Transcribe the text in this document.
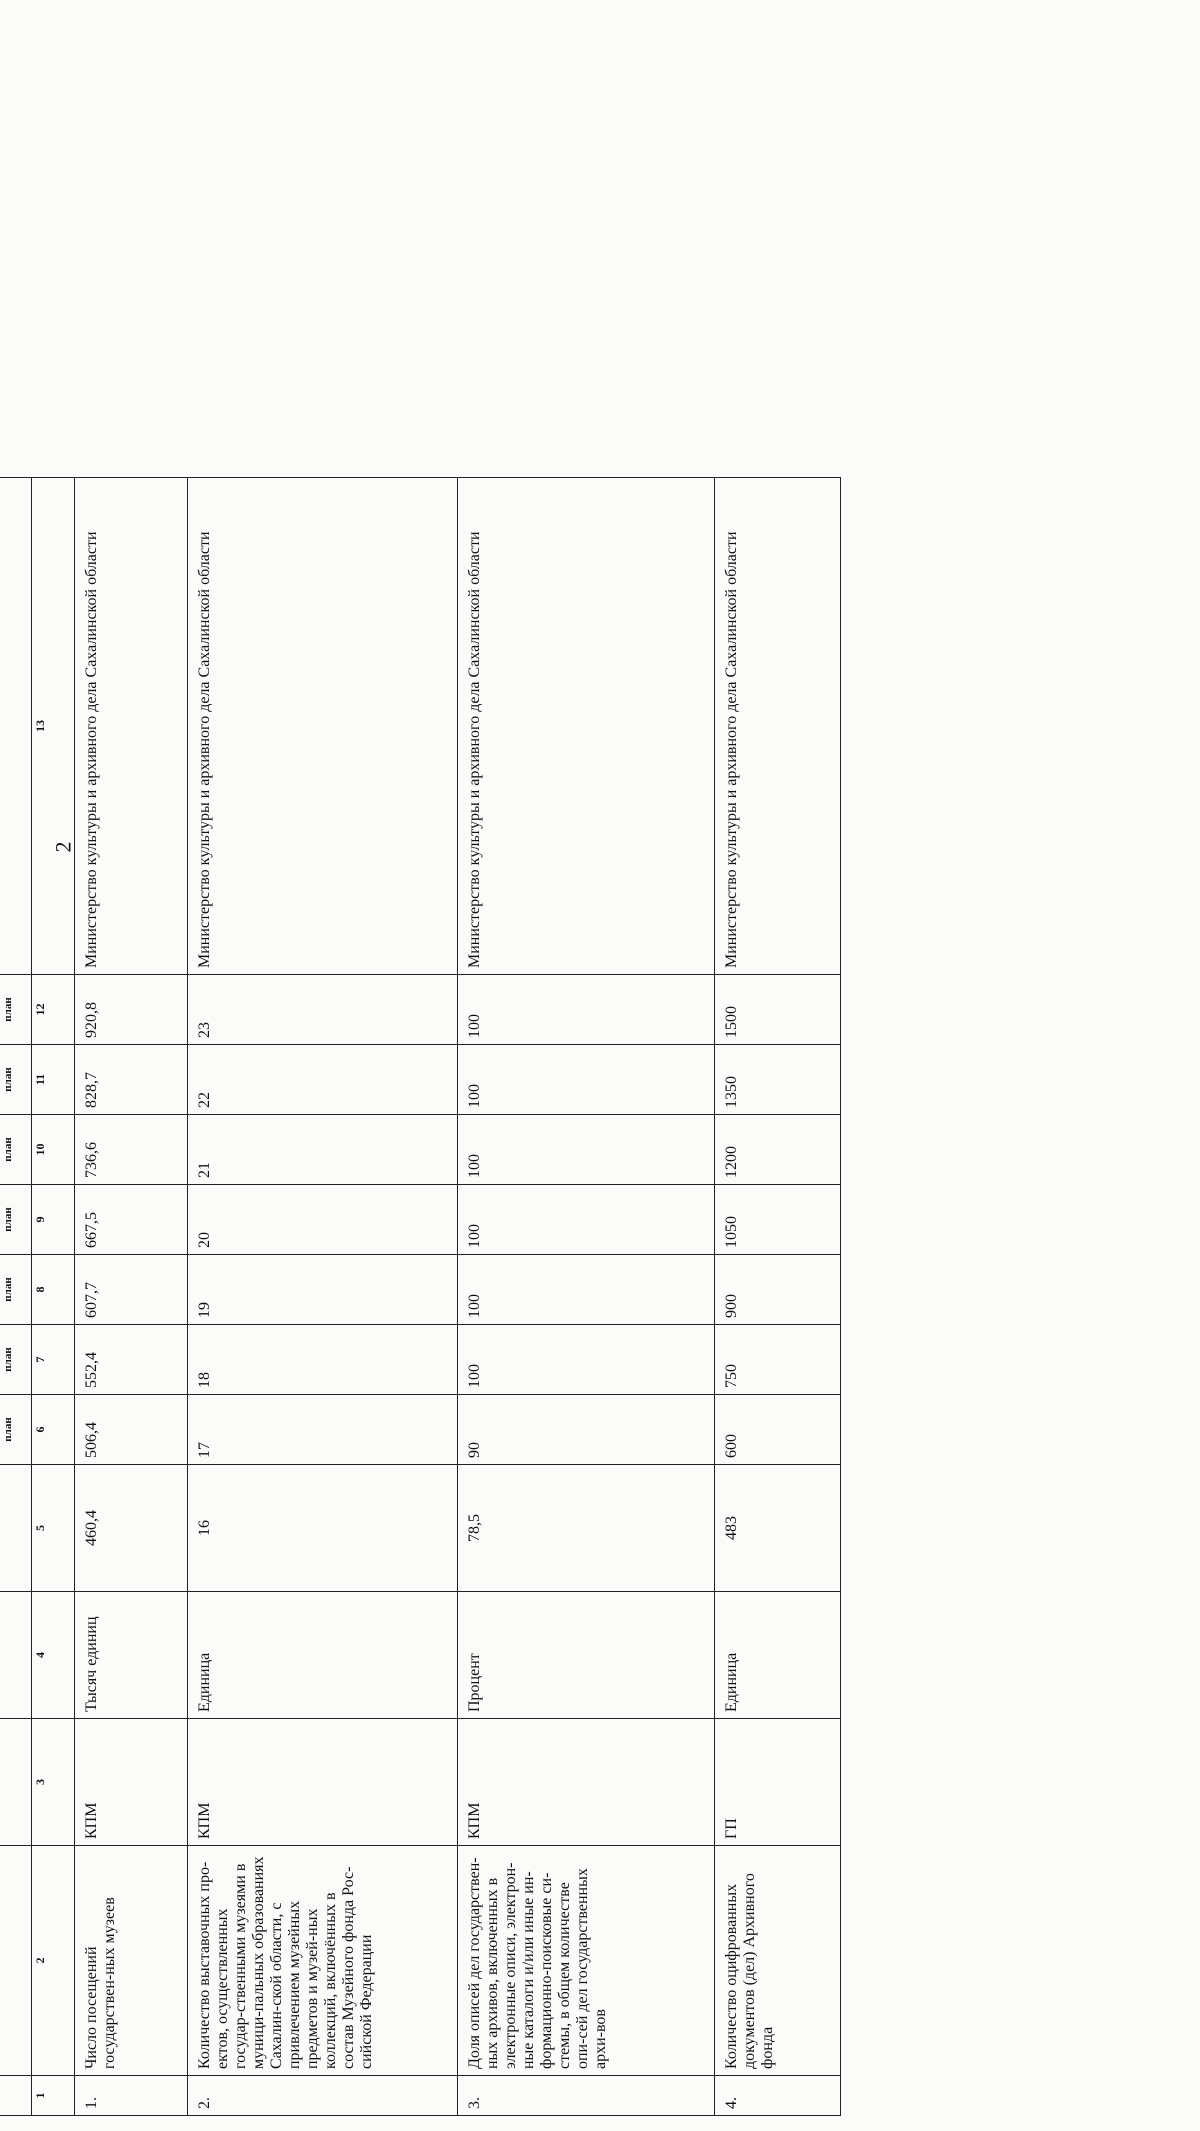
2

					план	план	план	план	план	план	план	
1	2	3	4	5	6	7	8	9	10	11	12	13
1.	Число посещений государствен-ных музеев	КПМ	Тысяч единиц	460,4	506,4	552,4	607,7	667,5	736,6	828,7	920,8	Министерство культуры и архивного дела Сахалинской области
2.	Количество выставочных про-ектов, осуществленных государ-ственными музеями в муници-пальных образованиях Сахалин-ской области, с привлечением музейных предметов и музей-ных коллекций, включённых в состав Музейного фонда Рос-сийской Федерации	КПМ	Единица	16	17	18	19	20	21	22	23	Министерство культуры и архивного дела Сахалинской области
3.	Доля описей дел государствен-ных архивов, включенных в электронные описи, электрон-ные каталоги и/или иные ин-формационно-поисковые си-стемы, в общем количестве опи-сей дел государственных архи-вов	КПМ	Процент	78,5	90	100	100	100	100	100	100	Министерство культуры и архивного дела Сахалинской области
4.	Количество оцифрованных документов (дел) Архивного фонда	ГП	Единица	483	600	750	900	1050	1200	1350	1500	Министерство культуры и архивного дела Сахалинской области
